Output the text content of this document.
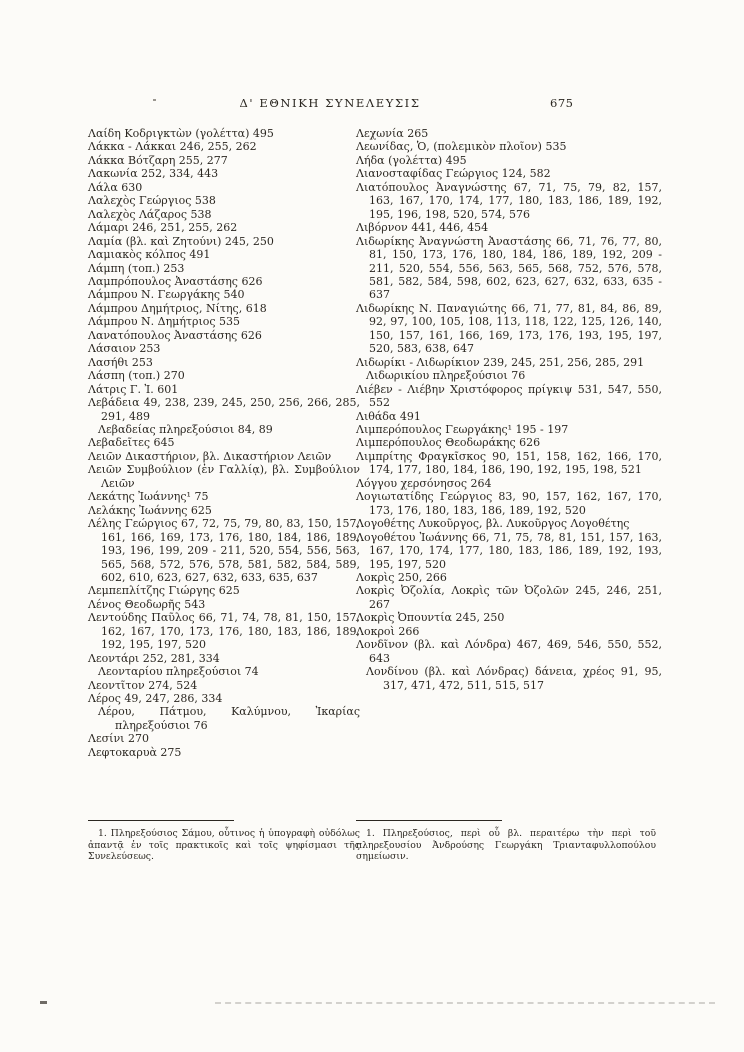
Δ' ΕΘΝΙΚΗ ΣΥΝΕΛΕΥΣΙΣ	675
Λαίδη Κοδριγκτὼν (γολέττα) 495
Λάκκα - Λάκκαι 246, 255, 262
Λάκκα Βότζαρη 255, 277
Λακωνία 252, 334, 443
Λάλα 630
Λαλεχὸς Γεώργιος 538
Λαλεχὸς Λάζαρος 538
Λάμαρι 246, 251, 255, 262
Λαμία (βλ. καὶ Ζητούνι) 245, 250
Λαμιακὸς κόλπος 491
Λάμπη (τοπ.) 253
Λαμπρόπουλος Ἀναστάσης 626
Λάμπρου Ν. Γεωργάκης 540
Λάμπρου Δημήτριος, Νίτης, 618
Λάμπρου Ν. Δημήτριος 535
Λανατόπουλος Ἀναστάσης 626
Λάσαιον 253
Λασήθι 253
Λάσπη (τοπ.) 270
Λάτρις Γ. Ἰ. 601
Λεβάδεια 49, 238, 239, 245, 250, 256, 266, 285, 291, 489
Λεβαδείας πληρεξούσιοι 84, 89
Λεβαδεῖτες 645
Λειῶν Δικαστήριον, βλ. Δικαστήριον Λειῶν
Λειῶν Συμβούλιον (ἐν Γαλλίᾳ), βλ. Συμβούλιον Λειῶν
Λεκάτης Ἰωάννης¹ 75
Λελάκης Ἰωάννης 625
Λέλης Γεώργιος 67, 72, 75, 79, 80, 83, 150, 157, 161, 166, 169, 173, 176, 180, 184, 186, 189, 193, 196, 199, 209 - 211, 520, 554, 556, 563, 565, 568, 572, 576, 578, 581, 582, 584, 589, 602, 610, 623, 627, 632, 633, 635, 637
Λεμπεπλίτζης Γιώργης 625
Λένος Θεοδωρῆς 543
Λεντούδης Παῦλος 66, 71, 74, 78, 81, 150, 157, 162, 167, 170, 173, 176, 180, 183, 186, 189, 192, 195, 197, 520
Λεοντάρι 252, 281, 334
Λεονταρίου πληρεξούσιοι 74
Λεοντῖτον 274, 524
Λέρος 49, 247, 286, 334
Λέρου, Πάτμου, Καλύμνου, Ἰκαρίας πληρεξούσιοι 76
Λεσίνι 270
Λεφτοκαρυὰ 275
Λεχωνία 265
Λεωνίδας, Ὁ, (πολεμικὸν πλοῖον) 535
Λήδα (γολέττα) 495
Λιανοσταφίδας Γεώργιος 124, 582
Λιατόπουλος Ἀναγνώστης 67, 71, 75, 79, 82, 157, 163, 167, 170, 174, 177, 180, 183, 186, 189, 192, 195, 196, 198, 520, 574, 576
Λιβόρνον 441, 446, 454
Λιδωρίκης Ἀναγνώστη Ἀναστάσης 66, 71, 76, 77, 80, 81, 150, 173, 176, 180, 184, 186, 189, 192, 209 - 211, 520, 554, 556, 563, 565, 568, 752, 576, 578, 581, 582, 584, 598, 602, 623, 627, 632, 633, 635 - 637
Λιδωρίκης Ν. Παναγιώτης 66, 71, 77, 81, 84, 86, 89, 92, 97, 100, 105, 108, 113, 118, 122, 125, 126, 140, 150, 157, 161, 166, 169, 173, 176, 193, 195, 197, 520, 583, 638, 647
Λιδωρίκι - Λιδωρίκιον 239, 245, 251, 256, 285, 291
Λιδωρικίου πληρεξούσιοι 76
Λιέβεν - Λιέβην Χριστόφορος πρίγκιψ 531, 547, 550, 552
Λιθάδα 491
Λιμπερόπουλος Γεωργάκης¹ 195 - 197
Λιμπερόπουλος Θεοδωράκης 626
Λιμπρίτης Φραγκῖσκος 90, 151, 158, 162, 166, 170, 174, 177, 180, 184, 186, 190, 192, 195, 198, 521
Λόγγου χερσόνησος 264
Λογιωτατίδης Γεώργιος 83, 90, 157, 162, 167, 170, 173, 176, 180, 183, 186, 189, 192, 520
Λογοθέτης Λυκοῦργος, βλ. Λυκοῦργος Λογοθέτης
Λογοθέτου Ἰωάννης 66, 71, 75, 78, 81, 151, 157, 163, 167, 170, 174, 177, 180, 183, 186, 189, 192, 193, 195, 197, 520
Λοκρὶς 250, 266
Λοκρὶς Ὀζολία, Λοκρὶς τῶν Ὀζολῶν 245, 246, 251, 267
Λοκρὶς Ὀπουντία 245, 250
Λοκροὶ 266
Λονδῖνον (βλ. καὶ Λόνδρα) 467, 469, 546, 550, 552, 643
Λονδίνου (βλ. καὶ Λόνδρας) δάνεια, χρέος 91, 95, 317, 471, 472, 511, 515, 517
1. Πληρεξούσιος Σάμου, οὗτινος ἡ ὑπογραφὴ οὐδόλως ἀπαντᾷ ἐν τοῖς πρακτικοῖς καὶ τοῖς ψηφίσμασι τῆς Συνελεύσεως.
1. Πληρεξούσιος, περὶ οὗ βλ. περαιτέρω τὴν περὶ τοῦ πληρεξουσίου Ἀνδρούσης Γεωργάκη Τριανταφυλλοπούλου σημείωσιν.
